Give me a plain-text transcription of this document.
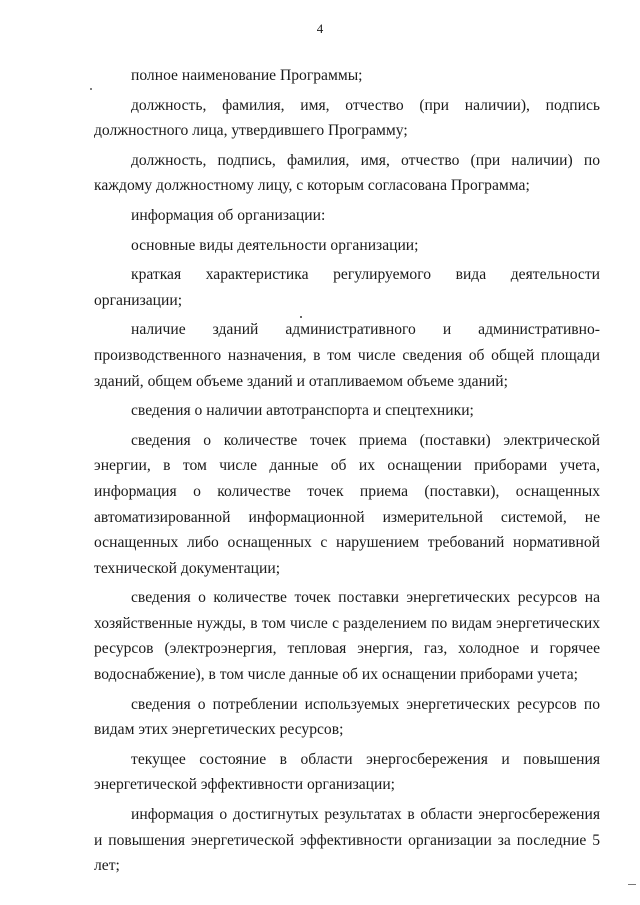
4

полное наименование Программы;

должность, фамилия, имя, отчество (при наличии), подпись должностного лица, утвердившего Программу;

должность, подпись, фамилия, имя, отчество (при наличии) по каждому должностному лицу, с которым согласована Программа;

информация об организации:

основные виды деятельности организации;

краткая характеристика регулируемого вида деятельности организации;

наличие зданий административного и административно-производственного назначения, в том числе сведения об общей площади зданий, общем объеме зданий и отапливаемом объеме зданий;

сведения о наличии автотранспорта и спецтехники;

сведения о количестве точек приема (поставки) электрической энергии, в том числе данные об их оснащении приборами учета, информация о количестве точек приема (поставки), оснащенных автоматизированной информационной измерительной системой, не оснащенных либо оснащенных с нарушением требований нормативной технической документации;

сведения о количестве точек поставки энергетических ресурсов на хозяйственные нужды, в том числе с разделением по видам энергетических ресурсов (электроэнергия, тепловая энергия, газ, холодное и горячее водоснабжение), в том числе данные об их оснащении приборами учета;

сведения о потреблении используемых энергетических ресурсов по видам этих энергетических ресурсов;

текущее состояние в области энергосбережения и повышения энергетической эффективности организации;

информация о достигнутых результатах в области энергосбережения и повышения энергетической эффективности организации за последние 5 лет;
